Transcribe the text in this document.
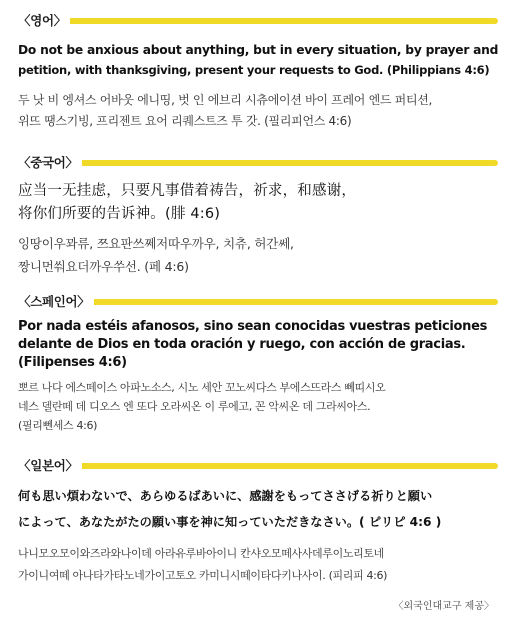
〈영어〉
Do not be anxious about anything, but in every situation, by prayer and
petition, with thanksgiving, present your requests to God. (Philippians 4:6)
두 낫 비 엥셔스 어바웃 에니띵, 벗 인 에브리 시츄에이션 바이 프레어 엔드 퍼티션,
위뜨 땡스기빙, 프리젠트 요어 리퀘스트즈 투 갓. (필리피언스 4:6)
〈중국어〉
应当一无挂虑，只要凡事借着祷告，祈求，和感谢，
将你们所要的告诉神。(腓 4:6)
잉땅이우꽈류, 쯔요판쓰쩨저따우까우, 치츄, 허간쎄,
짱니먼쒀요더까우쑤선. (페 4:6)
〈스페인어〉
Por nada estéis afanosos, sino sean conocidas vuestras peticiones
delante de Dios en toda oración y ruego, con acción de gracias.
(Filipenses 4:6)
뽀르 나다 에스떼이스 아파노소스, 시노 세안 꼬노씨다스 부에스뜨라스 뻬띠시오
네스 델란떼 데 디오스 엔 또다 오라씨온 이 루에고, 꼰 악씨온 데 그라씨아스.
(필리뻰세스 4:6)
〈일본어〉
何も思い煩わないで、あらゆるばあいに、感謝をもってささげる祈りと願い
によって、あなたがたの願い事を神に知っていただきなさい。( ピリピ 4:6 )
나니모오모이와즈라와나이데 아라유루바아이니 칸샤오모떼사사데루이노리토네
가이니여떼 아나타가타노네가이고토오 카미니시떼이타다키나사이. (피리피 4:6)
〈외국인대교구 제공〉
